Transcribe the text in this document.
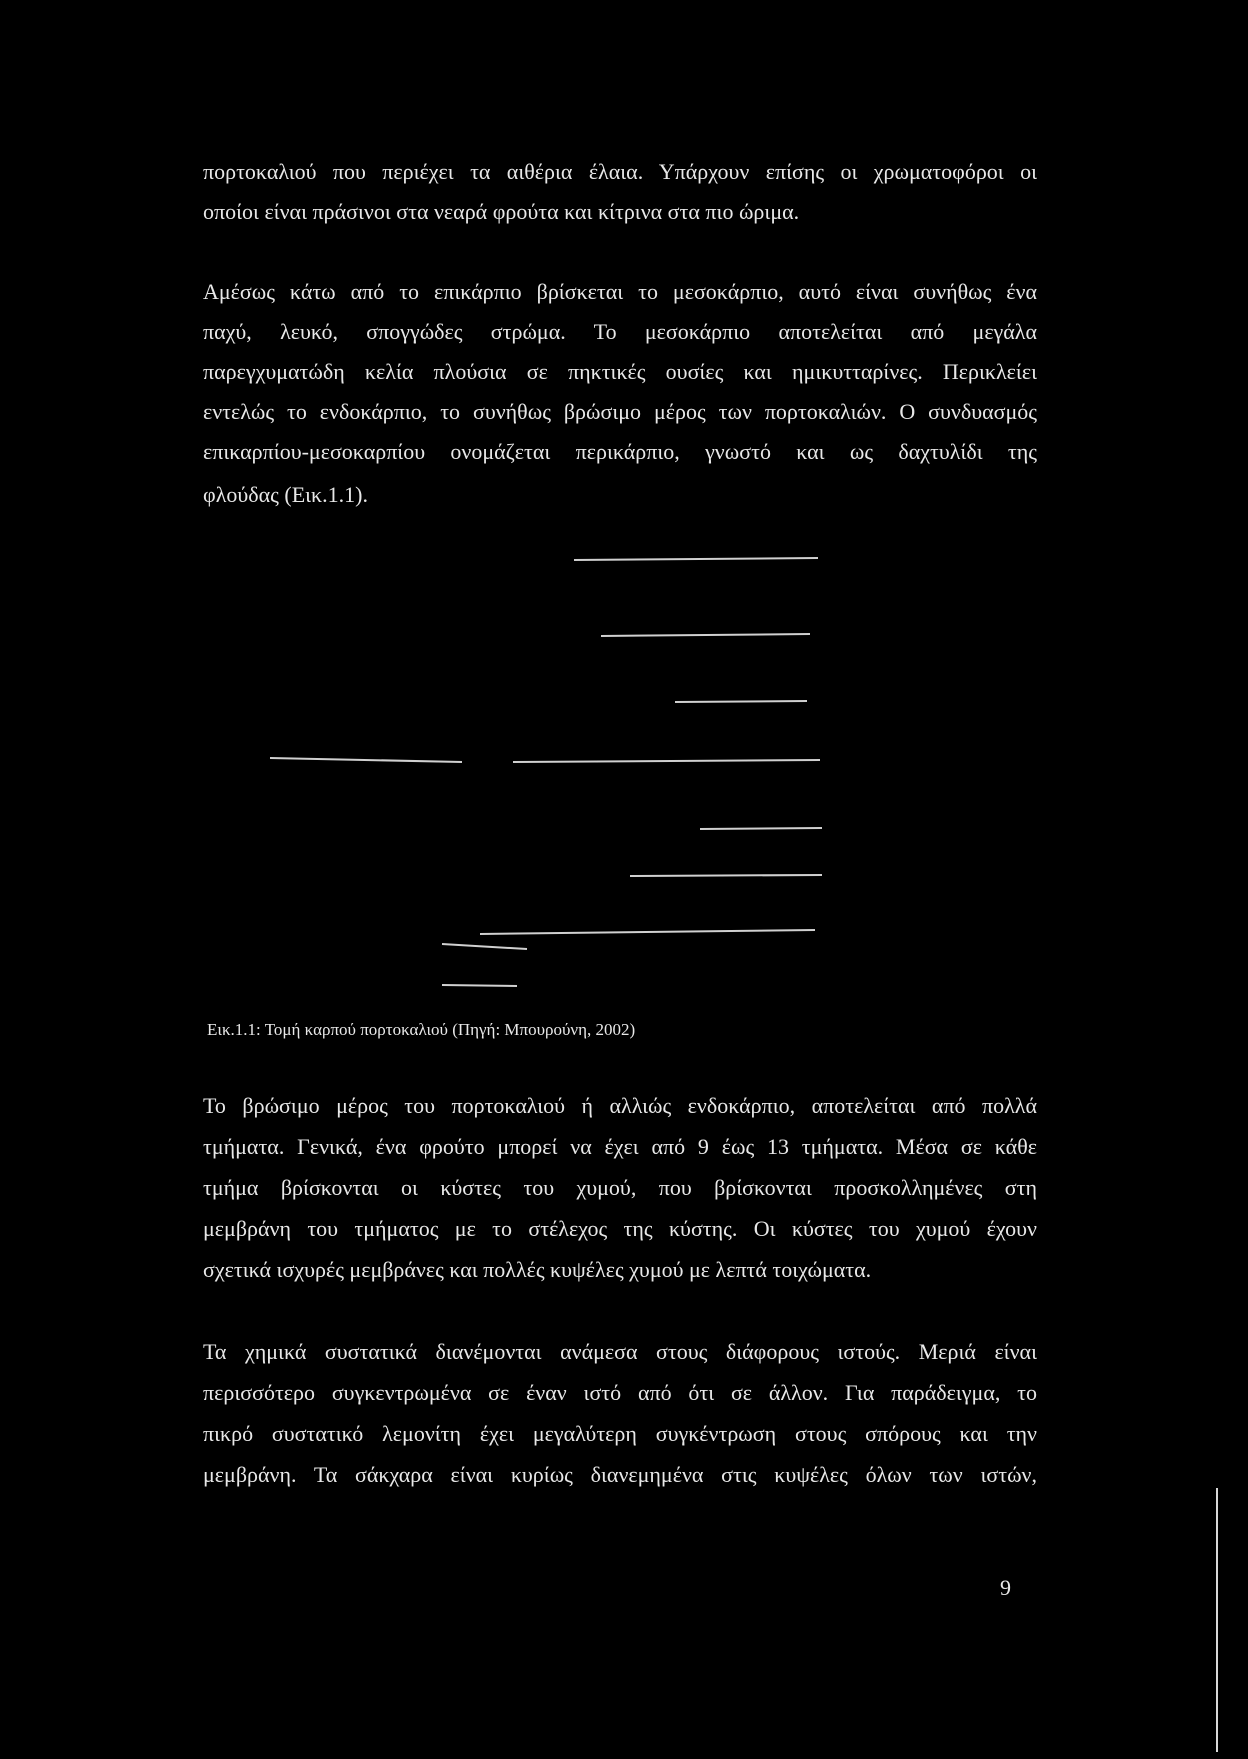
πορτοκαλιού που περιέχει τα αιθέρια έλαια. Υπάρχουν επίσης οι χρωματοφόροι οι
οποίοι είναι πράσινοι στα νεαρά φρούτα και κίτρινα στα πιο ώριμα.
Αμέσως κάτω από το επικάρπιο βρίσκεται το μεσοκάρπιο, αυτό είναι συνήθως ένα
παχύ, λευκό, σπογγώδες στρώμα. Το μεσοκάρπιο αποτελείται από μεγάλα
παρεγχυματώδη κελία πλούσια σε πηκτικές ουσίες και ημικυτταρίνες. Περικλείει
εντελώς το ενδοκάρπιο, το συνήθως βρώσιμο μέρος των πορτοκαλιών. Ο συνδυασμός
επικαρπίου-μεσοκαρπίου ονομάζεται περικάρπιο, γνωστό και ως δαχτυλίδι της
φλούδας (Εικ.1.1).
Εικ.1.1: Τομή καρπού πορτοκαλιού (Πηγή: Μπουρούνη, 2002)
Το βρώσιμο μέρος του πορτοκαλιού ή αλλιώς ενδοκάρπιο, αποτελείται από πολλά
τμήματα. Γενικά, ένα φρούτο μπορεί να έχει από 9 έως 13 τμήματα. Μέσα σε κάθε
τμήμα βρίσκονται οι κύστες του χυμού, που βρίσκονται προσκολλημένες στη
μεμβράνη του τμήματος με το στέλεχος της κύστης. Οι κύστες του χυμού έχουν
σχετικά ισχυρές μεμβράνες και πολλές κυψέλες χυμού με λεπτά τοιχώματα.
Τα χημικά συστατικά διανέμονται ανάμεσα στους διάφορους ιστούς. Μεριά είναι
περισσότερο συγκεντρωμένα σε έναν ιστό από ότι σε άλλον. Για παράδειγμα, το
πικρό συστατικό λεμονίτη έχει μεγαλύτερη συγκέντρωση στους σπόρους και την
μεμβράνη. Τα σάκχαρα είναι κυρίως διανεμημένα στις κυψέλες όλων των ιστών,
9
